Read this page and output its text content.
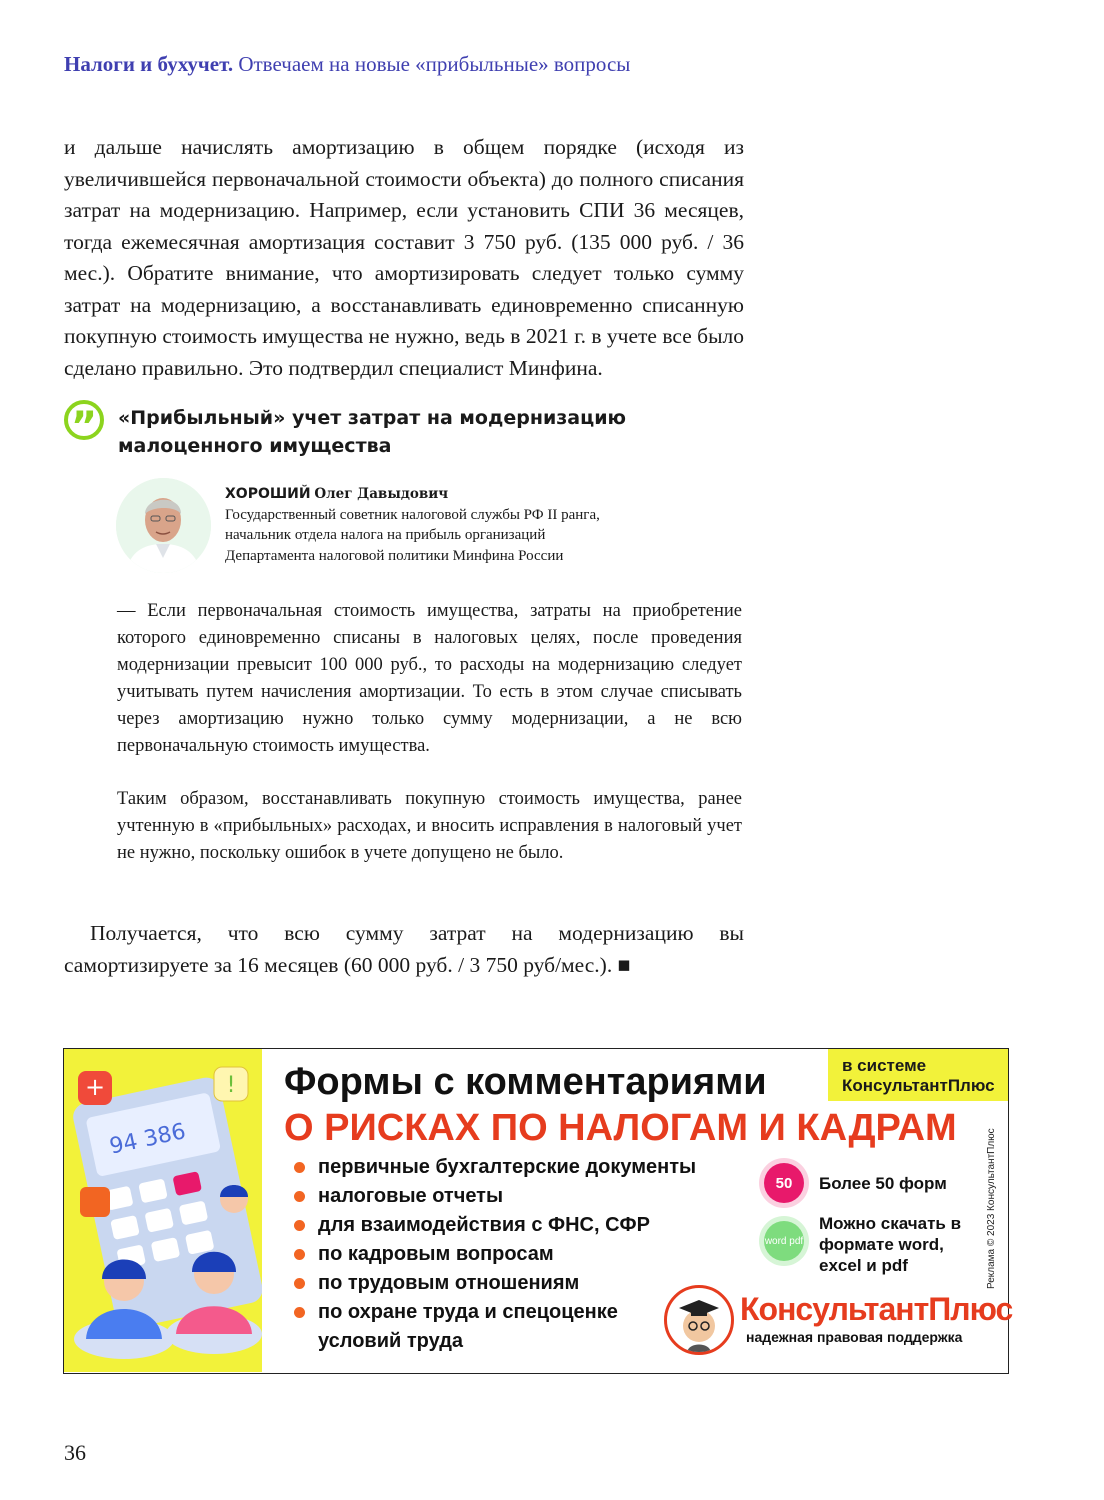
Налоги и бухучет. Отвечаем на новые «прибыльные» вопросы
и дальше начислять амортизацию в общем порядке (исходя из увеличившейся первоначальной стоимости объекта) до полного списания затрат на модернизацию. Например, если установить СПИ 36 месяцев, тогда ежемесячная амортизация составит 3 750 руб. (135 000 руб. / 36 мес.). Обратите внимание, что амортизировать следует только сумму затрат на модернизацию, а восстанавливать единовременно списанную покупную стоимость имущества не нужно, ведь в 2021 г. в учете все было сделано правильно. Это подтвердил специалист Минфина.
” «Прибыльный» учет затрат на модернизацию малоценного имущества
ХОРОШИЙ Олег Давыдович
Государственный советник налоговой службы РФ II ранга,
начальник отдела налога на прибыль организаций
Департамента налоговой политики Минфина России
— Если первоначальная стоимость имущества, затраты на приобретение которого единовременно списаны в налоговых целях, после проведения модернизации превысит 100 000 руб., то расходы на модернизацию следует учитывать путем начисления амортизации. То есть в этом случае списывать через амортизацию нужно только сумму модернизации, а не всю первоначальную стоимость имущества.
Таким образом, восстанавливать покупную стоимость имущества, ранее учтенную в «прибыльных» расходах, и вносить исправления в налоговый учет не нужно, поскольку ошибок в учете допущено не было.
Получается, что всю сумму затрат на модернизацию вы самортизируете за 16 месяцев (60 000 руб. / 3 750 руб/мес.). ■
94 386
+	!
в системе КонсультантПлюс
Формы с комментариями
О РИСКАХ ПО НАЛОГАМ И КАДРАМ
первичные бухгалтерские документы
налоговые отчеты
для взаимодействия с ФНС, СФР
по кадровым вопросам
по трудовым отношениям
по охране труда и спецоценке условий труда
50	Более 50 форм
word pdf
Можно скачать в формате word, excel и pdf	Реклама © 2023 КонсультантПлюс
КонсультантПлюс
надежная правовая поддержка
36
